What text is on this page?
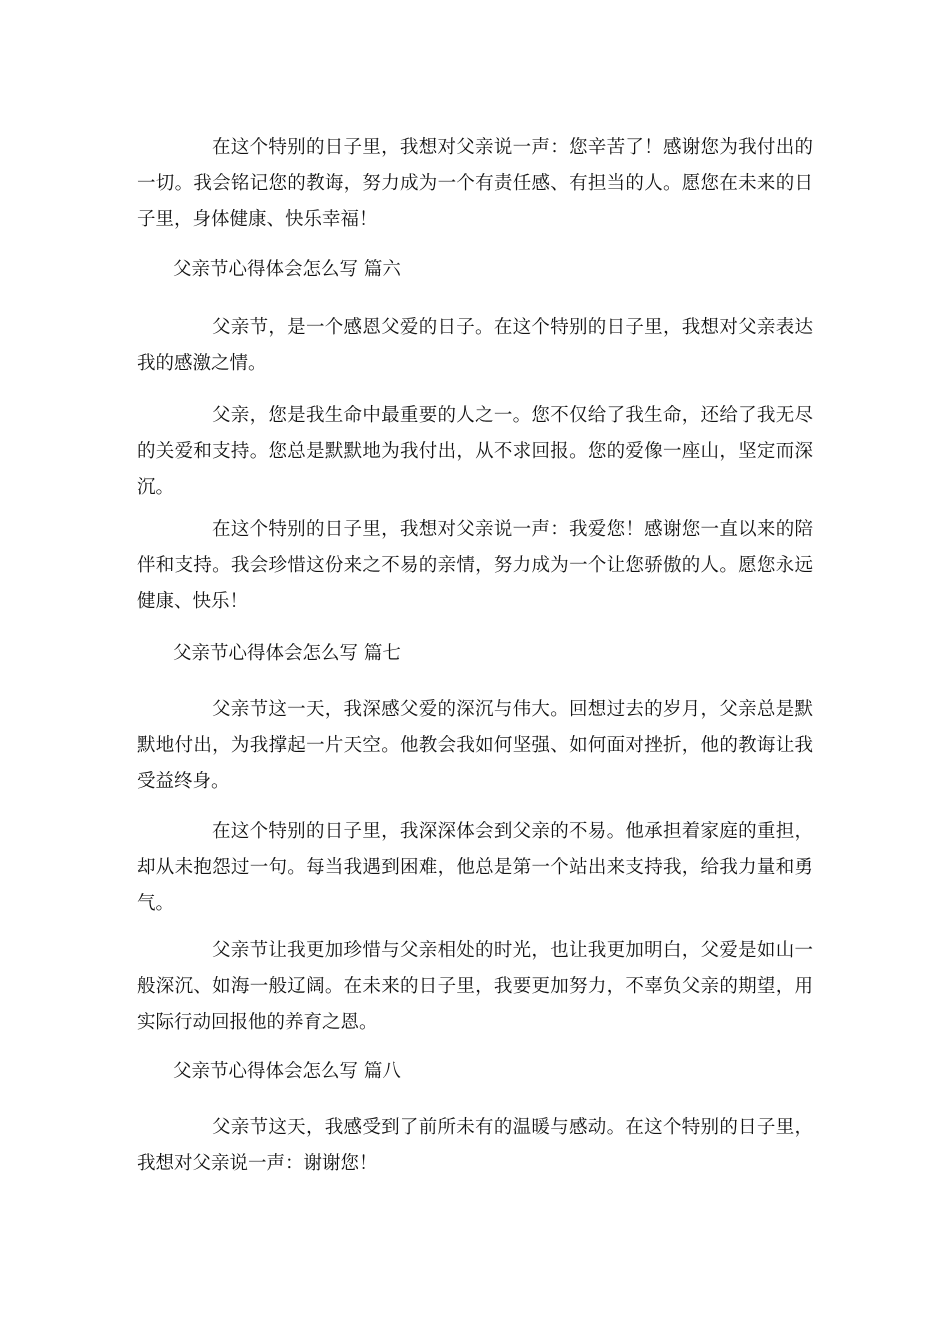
在这个特别的日子里，我想对父亲说一声：您辛苦了！感谢您为我付出的一切。我会铭记您的教诲，努力成为一个有责任感、有担当的人。愿您在未来的日子里，身体健康、快乐幸福！

父亲节心得体会怎么写 篇六

父亲节，是一个感恩父爱的日子。在这个特别的日子里，我想对父亲表达我的感激之情。

父亲，您是我生命中最重要的人之一。您不仅给了我生命，还给了我无尽的关爱和支持。您总是默默地为我付出，从不求回报。您的爱像一座山，坚定而深沉。

在这个特别的日子里，我想对父亲说一声：我爱您！感谢您一直以来的陪伴和支持。我会珍惜这份来之不易的亲情，努力成为一个让您骄傲的人。愿您永远健康、快乐！

父亲节心得体会怎么写 篇七

父亲节这一天，我深感父爱的深沉与伟大。回想过去的岁月，父亲总是默默地付出，为我撑起一片天空。他教会我如何坚强、如何面对挫折，他的教诲让我受益终身。

在这个特别的日子里，我深深体会到父亲的不易。他承担着家庭的重担，却从未抱怨过一句。每当我遇到困难，他总是第一个站出来支持我，给我力量和勇气。

父亲节让我更加珍惜与父亲相处的时光，也让我更加明白，父爱是如山一般深沉、如海一般辽阔。在未来的日子里，我要更加努力，不辜负父亲的期望，用实际行动回报他的养育之恩。

父亲节心得体会怎么写 篇八

父亲节这天，我感受到了前所未有的温暖与感动。在这个特别的日子里，我想对父亲说一声：谢谢您！
